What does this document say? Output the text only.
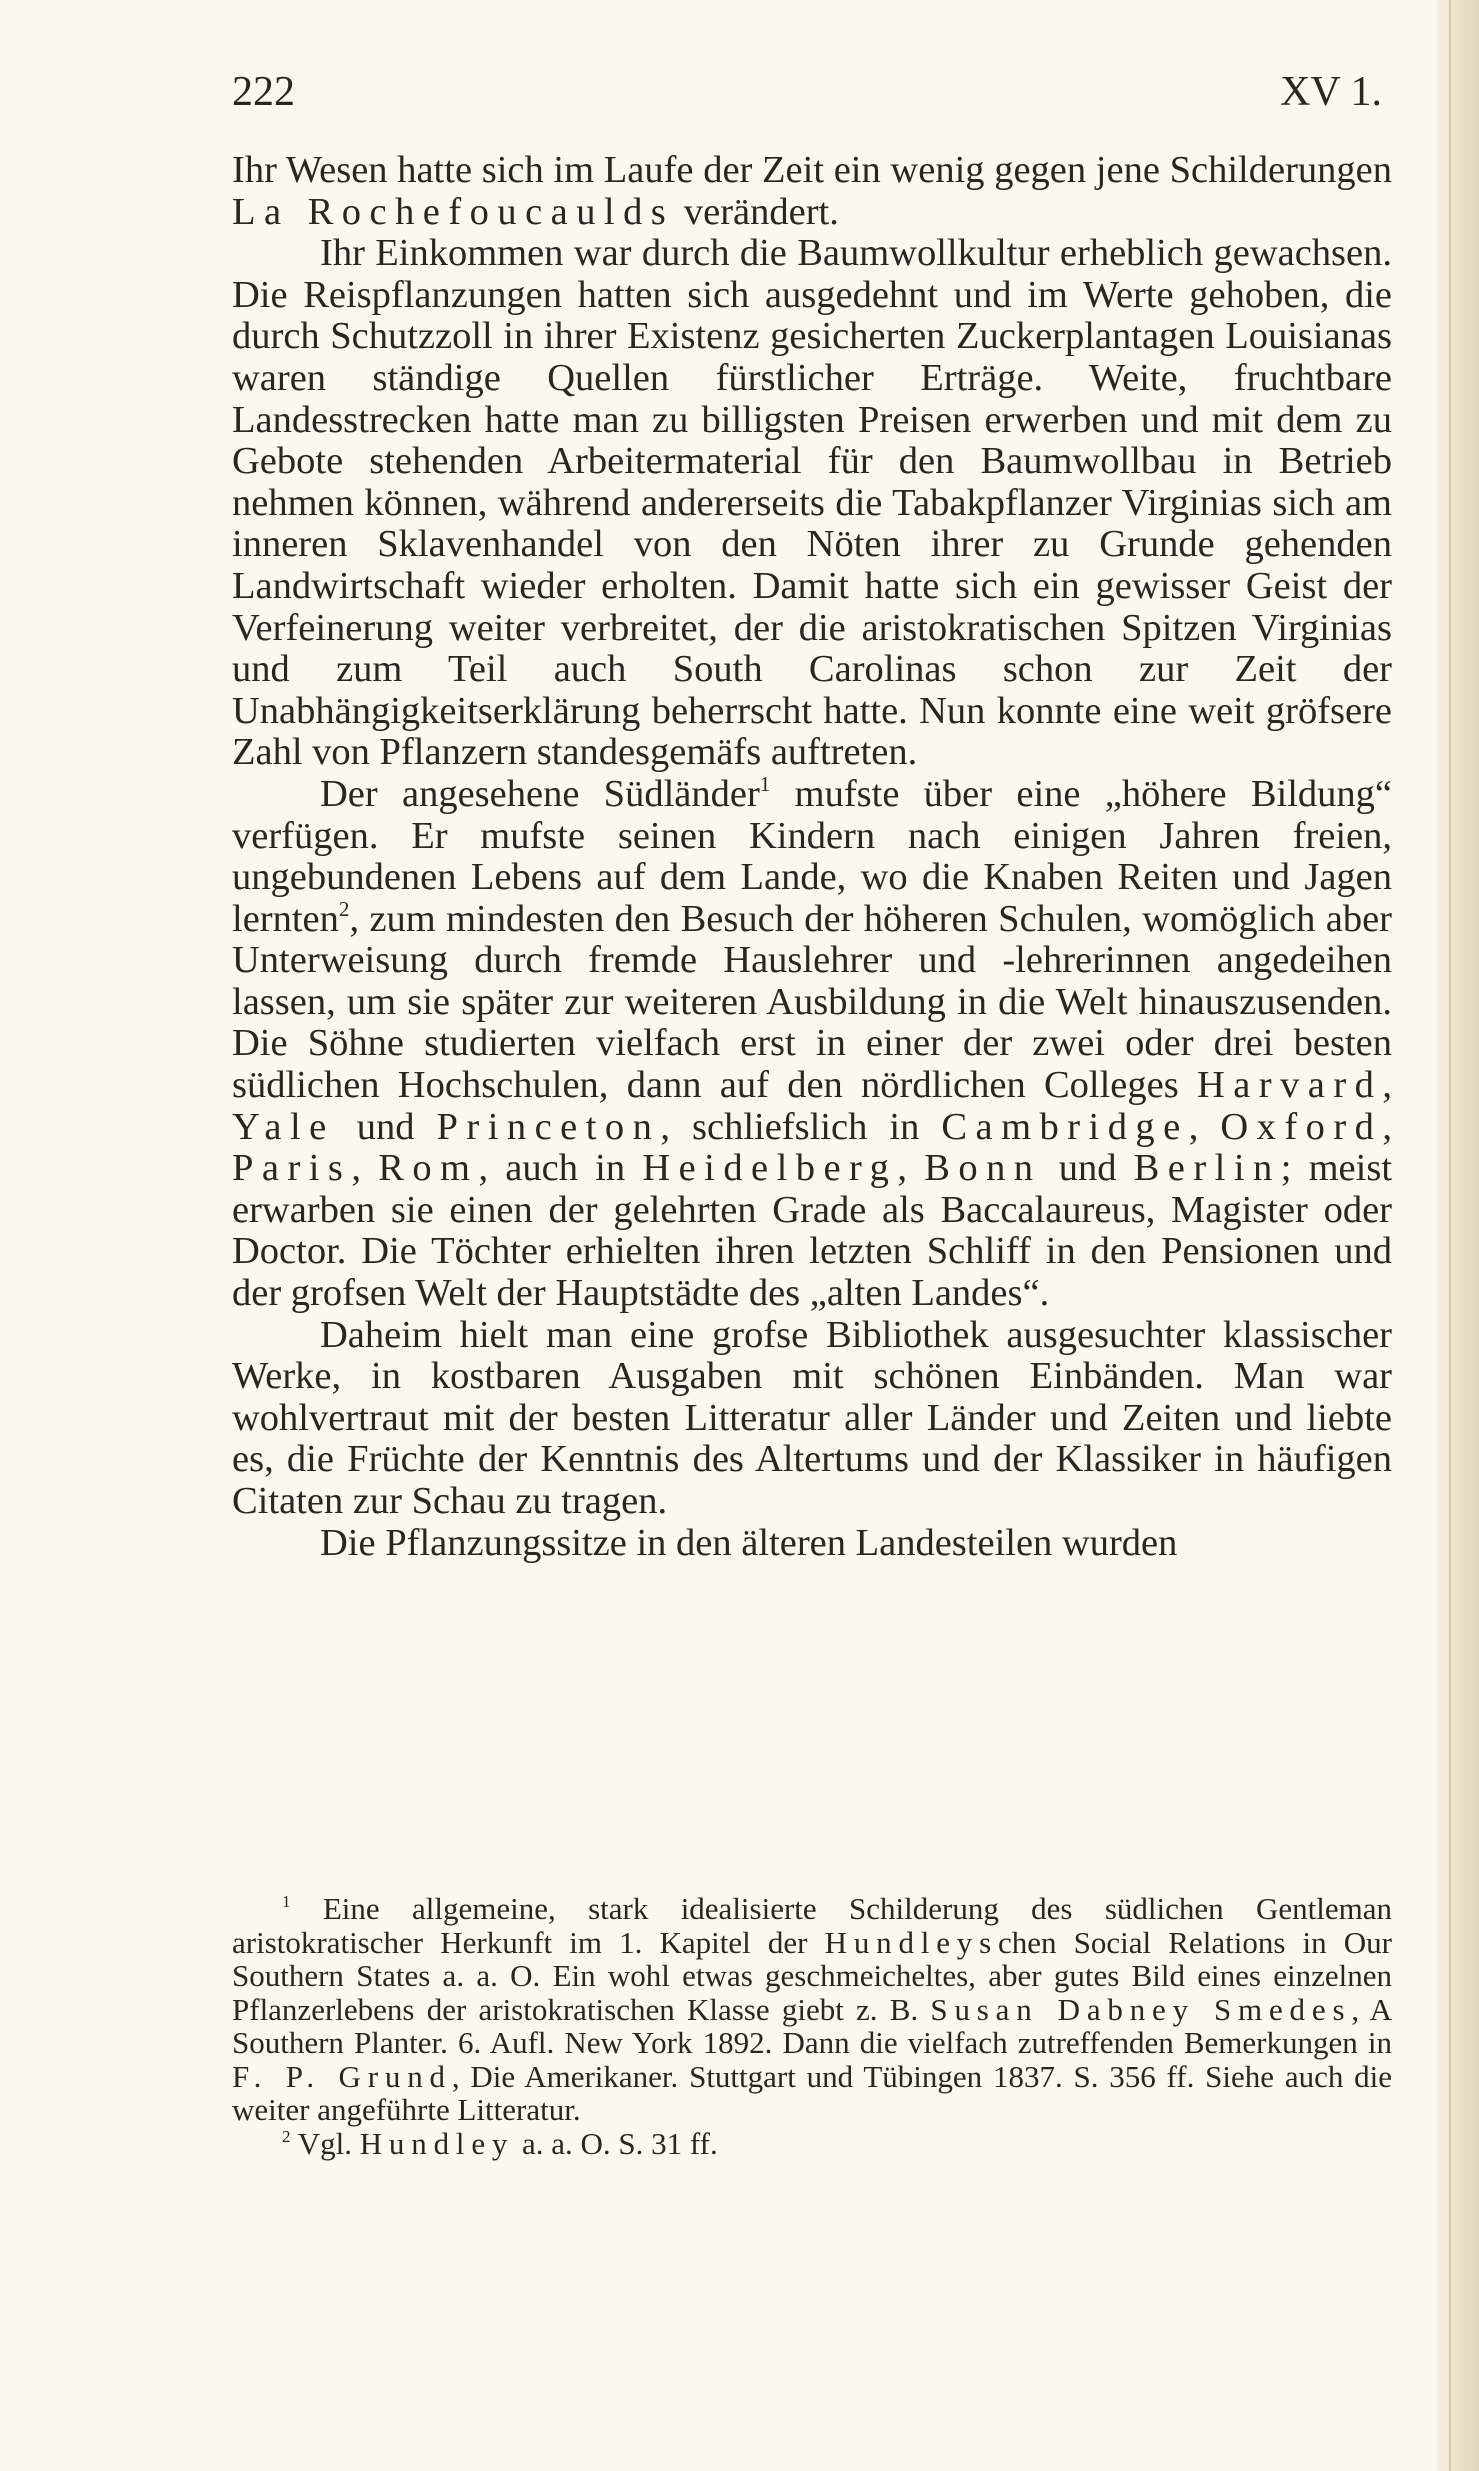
222	XV 1.

Ihr Wesen hatte sich im Laufe der Zeit ein wenig gegen jene Schilderungen La Rochefoucaulds verändert.

Ihr Einkommen war durch die Baumwollkultur erheblich gewachsen. Die Reispflanzungen hatten sich ausgedehnt und im Werte gehoben, die durch Schutzzoll in ihrer Existenz gesicherten Zuckerplantagen Louisianas waren ständige Quellen fürstlicher Erträge. Weite, fruchtbare Landesstrecken hatte man zu billigsten Preisen erwerben und mit dem zu Gebote stehenden Arbeitermaterial für den Baumwollbau in Betrieb nehmen können, während andererseits die Tabakpflanzer Virginias sich am inneren Sklavenhandel von den Nöten ihrer zu Grunde gehenden Landwirtschaft wieder erholten. Damit hatte sich ein gewisser Geist der Verfeinerung weiter verbreitet, der die aristokratischen Spitzen Virginias und zum Teil auch South Carolinas schon zur Zeit der Unabhängigkeitserklärung beherrscht hatte. Nun konnte eine weit gröfsere Zahl von Pflanzern standesgemäfs auftreten.

Der angesehene Südländer$^1$ mufste über eine „höhere Bildung“ verfügen. Er mufste seinen Kindern nach einigen Jahren freien, ungebundenen Lebens auf dem Lande, wo die Knaben Reiten und Jagen lernten$^2$, zum mindesten den Besuch der höheren Schulen, womöglich aber Unterweisung durch fremde Hauslehrer und -lehrerinnen angedeihen lassen, um sie später zur weiteren Ausbildung in die Welt hinauszusenden. Die Söhne studierten vielfach erst in einer der zwei oder drei besten südlichen Hochschulen, dann auf den nördlichen Colleges Harvard, Yale und Princeton, schliefslich in Cambridge, Oxford, Paris, Rom, auch in Heidelberg, Bonn und Berlin; meist erwarben sie einen der gelehrten Grade als Baccalaureus, Magister oder Doctor. Die Töchter erhielten ihren letzten Schliff in den Pensionen und der grofsen Welt der Hauptstädte des „alten Landes“.

Daheim hielt man eine grofse Bibliothek ausgesuchter klassischer Werke, in kostbaren Ausgaben mit schönen Einbänden. Man war wohlvertraut mit der besten Litteratur aller Länder und Zeiten und liebte es, die Früchte der Kenntnis des Altertums und der Klassiker in häufigen Citaten zur Schau zu tragen.

Die Pflanzungssitze in den älteren Landesteilen wurden

$^1$ Eine allgemeine, stark idealisierte Schilderung des südlichen Gentleman aristokratischer Herkunft im 1. Kapitel der Hundleyschen Social Relations in Our Southern States a. a. O. Ein wohl etwas geschmeicheltes, aber gutes Bild eines einzelnen Pflanzerlebens der aristokratischen Klasse giebt z. B. Susan Dabney Smedes, A Southern Planter. 6. Aufl. New York 1892. Dann die vielfach zutreffenden Bemerkungen in F. P. Grund, Die Amerikaner. Stuttgart und Tübingen 1837. S. 356 ff. Siehe auch die weiter angeführte Litteratur.

$^2$ Vgl. Hundley a. a. O. S. 31 ff.
